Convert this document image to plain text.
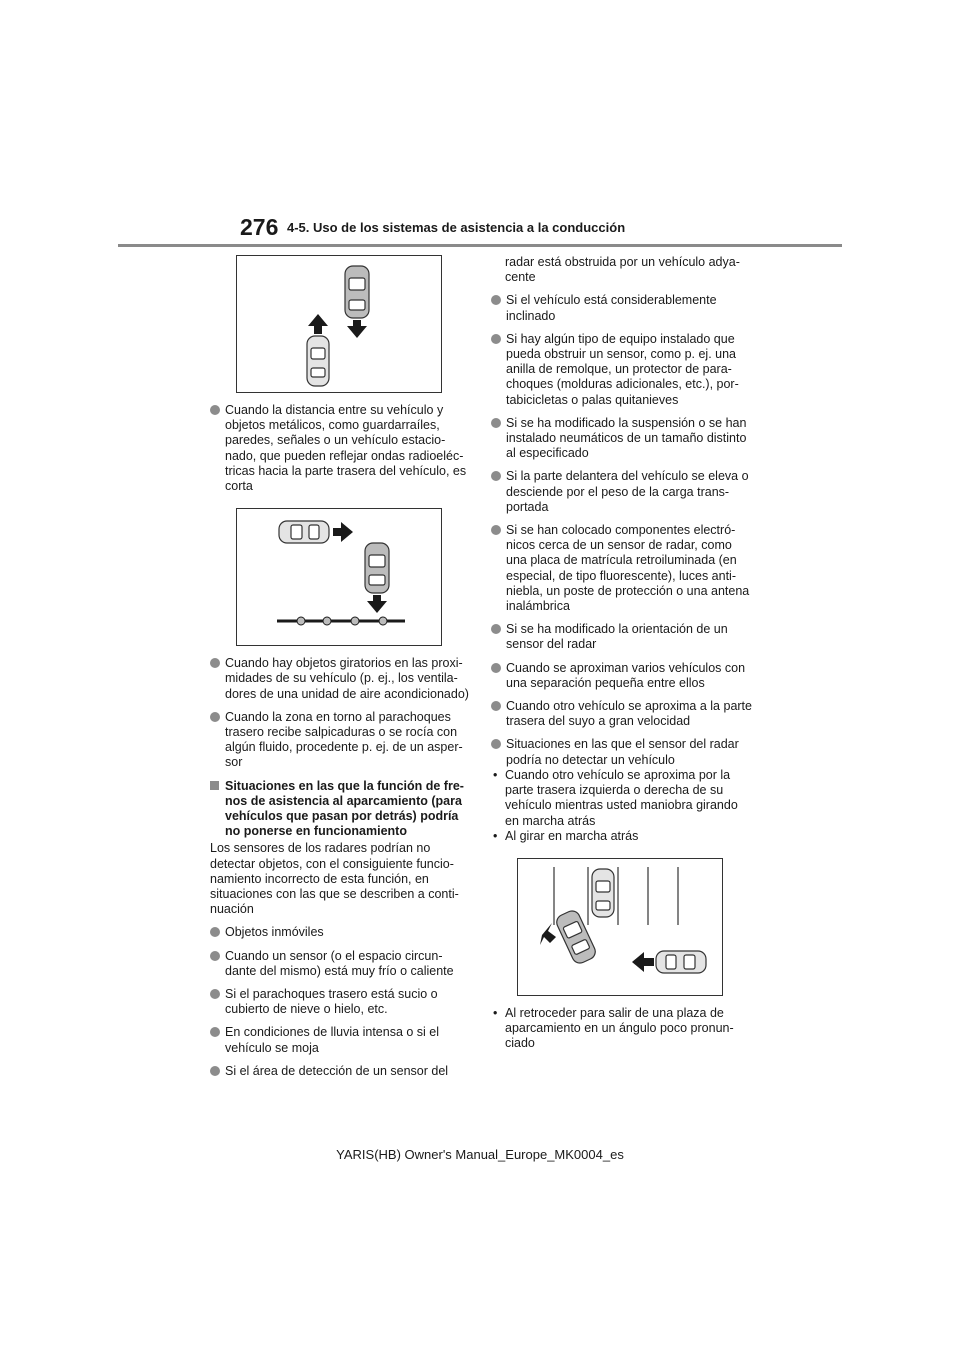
276 4-5. Uso de los sistemas de asistencia a la conducción
Cuando la distancia entre su vehículo y objetos metálicos, como guardarraíles, paredes, señales o un vehículo estacio-nado, que pueden reflejar ondas radioeléc-tricas hacia la parte trasera del vehículo, es corta
Cuando hay objetos giratorios en las proxi-midades de su vehículo (p. ej., los ventila-dores de una unidad de aire acondicionado)
Cuando la zona en torno al parachoques trasero recibe salpicaduras o se rocía con algún fluido, procedente p. ej. de un asper-sor
Situaciones en las que la función de fre-nos de asistencia al aparcamiento (para vehículos que pasan por detrás) podría no ponerse en funcionamiento
Los sensores de los radares podrían no detectar objetos, con el consiguiente funcio-namiento incorrecto de esta función, en situaciones con las que se describen a conti-nuación
Objetos inmóviles
Cuando un sensor (o el espacio circun-dante del mismo) está muy frío o caliente
Si el parachoques trasero está sucio o cubierto de nieve o hielo, etc.
En condiciones de lluvia intensa o si el vehículo se moja
Si el área de detección de un sensor del
radar está obstruida por un vehículo adya-cente
Si el vehículo está considerablemente inclinado
Si hay algún tipo de equipo instalado que pueda obstruir un sensor, como p. ej. una anilla de remolque, un protector de para-choques (molduras adicionales, etc.), por-tabicicletas o palas quitanieves
Si se ha modificado la suspensión o se han instalado neumáticos de un tamaño distinto al especificado
Si la parte delantera del vehículo se eleva o desciende por el peso de la carga trans-portada
Si se han colocado componentes electró-nicos cerca de un sensor de radar, como una placa de matrícula retroiluminada (en especial, de tipo fluorescente), luces anti-niebla, un poste de protección o una antena inalámbrica
Si se ha modificado la orientación de un sensor del radar
Cuando se aproximan varios vehículos con una separación pequeña entre ellos
Cuando otro vehículo se aproxima a la parte trasera del suyo a gran velocidad
Situaciones en las que el sensor del radar podría no detectar un vehículo
• Cuando otro vehículo se aproxima por la parte trasera izquierda o derecha de su vehículo mientras usted maniobra girando en marcha atrás
• Al girar en marcha atrás
• Al retroceder para salir de una plaza de aparcamiento en un ángulo poco pronun-ciado
YARIS(HB) Owner's Manual_Europe_MK0004_es
